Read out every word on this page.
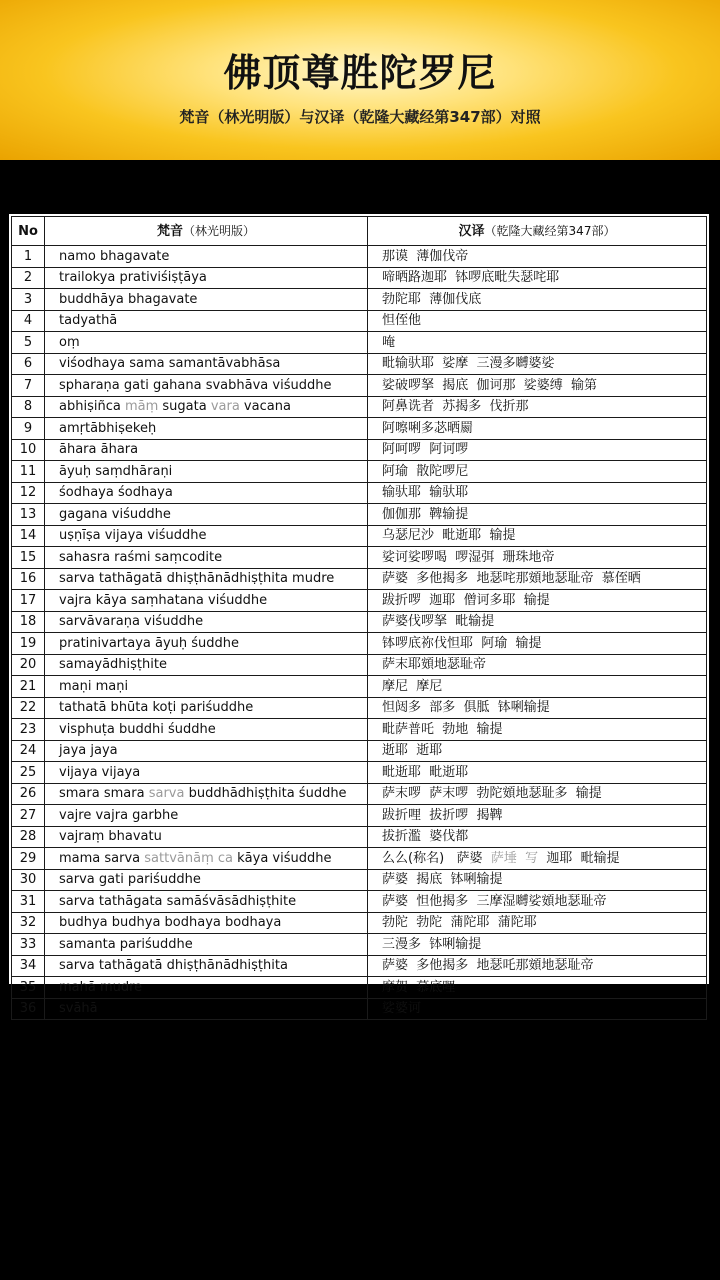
佛顶尊胜陀罗尼
梵音（林光明版）与汉译（乾隆大藏经第347部）对照
No	梵音（林光明版）	汉译（乾隆大藏经第347部）
1	namo bhagavate	那谟  薄伽伐帝
2	trailokya prativiśiṣṭāya	啼晒路迦耶  钵啰底毗失瑟咤耶
3	buddhāya bhagavate	勃陀耶  薄伽伐底
4	tadyathā	怛侄他
5	oṃ	唵
6	viśodhaya sama samantāvabhāsa	毗输驮耶  娑摩  三漫多嚩婆娑
7	spharaṇa gati gahana svabhāva viśuddhe	娑破啰拏  揭底  伽诃那  娑婆缚  输第
8	abhiṣiñca māṃ sugata vara vacana	阿鼻诜者  苏揭多  伐折那
9	amṛtābhiṣekeḥ	阿嚓唎多苾晒罽
10	āhara āhara	阿呵啰  阿诃啰
11	āyuḥ saṃdhāraṇi	阿瑜  散陀啰尼
12	śodhaya śodhaya	输驮耶  输驮耶
13	gagana viśuddhe	伽伽那  鞞输提
14	uṣṇīṣa vijaya viśuddhe	乌瑟尼沙  毗逝耶  输提
15	sahasra raśmi saṃcodite	娑诃娑啰喝  啰湿弭  珊珠地帝
16	sarva tathāgatā dhiṣṭhānādhiṣṭhita mudre	萨婆  多他揭多  地瑟咤那頞地瑟耻帝  慕侄晒
17	vajra kāya saṃhatana viśuddhe	跋折啰  迦耶  僧诃多耶  输提
18	sarvāvaraṇa viśuddhe	萨婆伐啰拏  毗输提
19	pratinivartaya āyuḥ śuddhe	钵啰底祢伐怛耶  阿瑜  输提
20	samayādhiṣṭhite	萨末耶頞地瑟耻帝
21	maṇi maṇi	摩尼  摩尼
22	tathatā bhūta koṭi pariśuddhe	怛闼多  部多  俱胝  钵唎输提
23	visphuṭa buddhi śuddhe	毗萨普吒  勃地  输提
24	jaya jaya	逝耶  逝耶
25	vijaya vijaya	毗逝耶  毗逝耶
26	smara smara sarva buddhādhiṣṭhita śuddhe	萨末啰  萨末啰  勃陀頞地瑟耻多  输提
27	vajre vajra garbhe	跋折哩  拔折啰  揭鞞
28	vajraṃ bhavatu	拔折濫  婆伐都
29	mama sarva sattvānāṃ ca kāya viśuddhe	么么(称名)   萨婆  萨埵  写  迦耶  毗输提
30	sarva gati pariśuddhe	萨婆  揭底  钵唎输提
31	sarva tathāgata samāśvāsādhiṣṭhite	萨婆  怛他揭多  三摩湿嚩娑頞地瑟耻帝
32	budhya budhya bodhaya bodhaya	勃陀  勃陀  蒲陀耶  蒲陀耶
33	samanta pariśuddhe	三漫多  钵唎输提
34	sarva tathāgatā dhiṣṭhānādhiṣṭhita	萨婆  多他揭多  地瑟吒那頞地瑟耻帝
35	mahā mudre	摩贺  慕底哩
36	svāhā	娑婆诃
